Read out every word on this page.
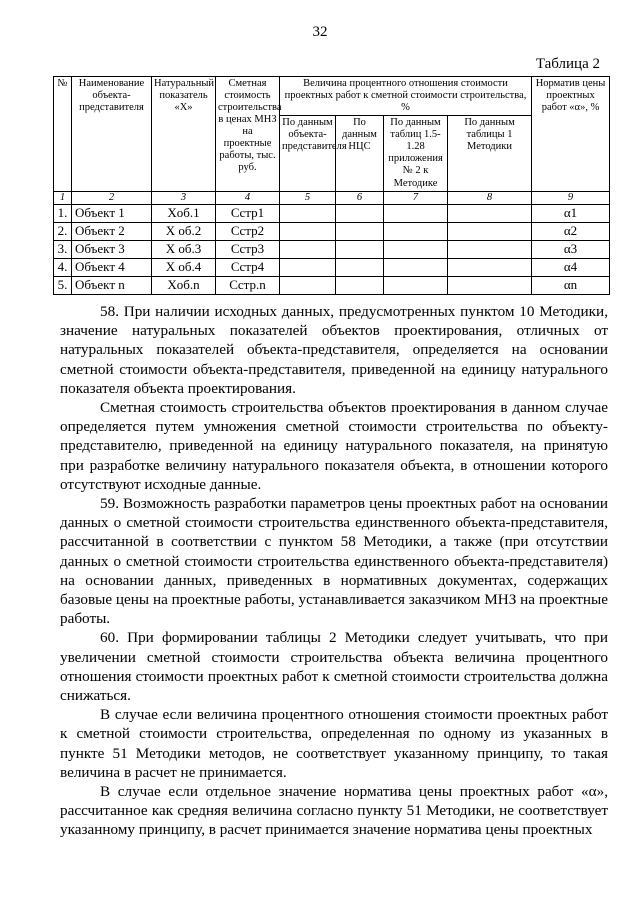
32
Таблица 2
№	Наименование объекта-представителя	Натуральный показатель «Х»	Сметная стоимость строительства в ценах МНЗ на проектные работы, тыс. руб.	Величина процентного отношения стоимости проектных работ к сметной стоимости строительства, %				Норматив цены проектных работ «α», %
				По данным объекта-представителя	По данным НЦС	По данным таблиц 1.5-1.28 приложения № 2 к Методике	По данным таблицы 1 Методики	
1	2	3	4	5	6	7	8	9
1.	Объект 1	Xоб.1	Cстр1					α1
2.	Объект 2	X об.2	Cстр2					α2
3.	Объект 3	X об.3	Cстр3					α3
4.	Объект 4	X об.4	Cстр4					α4
5.	Объект n	Xоб.n	Cстр.n					αn

58. При наличии исходных данных, предусмотренных пунктом 10 Методики, значение натуральных показателей объектов проектирования, отличных от натуральных показателей объекта-представителя, определяется на основании сметной стоимости объекта-представителя, приведенной на единицу натурального показателя объекта проектирования.

Сметная стоимость строительства объектов проектирования в данном случае определяется путем умножения сметной стоимости строительства по объекту-представителю, приведенной на единицу натурального показателя, на принятую при разработке величину натурального показателя объекта, в отношении которого отсутствуют исходные данные.

59. Возможность разработки параметров цены проектных работ на основании данных о сметной стоимости строительства единственного объекта-представителя, рассчитанной в соответствии с пунктом 58 Методики, а также (при отсутствии данных о сметной стоимости строительства единственного объекта-представителя) на основании данных, приведенных в нормативных документах, содержащих базовые цены на проектные работы, устанавливается заказчиком МНЗ на проектные работы.

60. При формировании таблицы 2 Методики следует учитывать, что при увеличении сметной стоимости строительства объекта величина процентного отношения стоимости проектных работ к сметной стоимости строительства должна снижаться.

В случае если величина процентного отношения стоимости проектных работ к сметной стоимости строительства, определенная по одному из указанных в пункте 51 Методики методов, не соответствует указанному принципу, то такая величина в расчет не принимается.

В случае если отдельное значение норматива цены проектных работ «α», рассчитанное как средняя величина согласно пункту 51 Методики, не соответствует указанному принципу, в расчет принимается значение норматива цены проектных
